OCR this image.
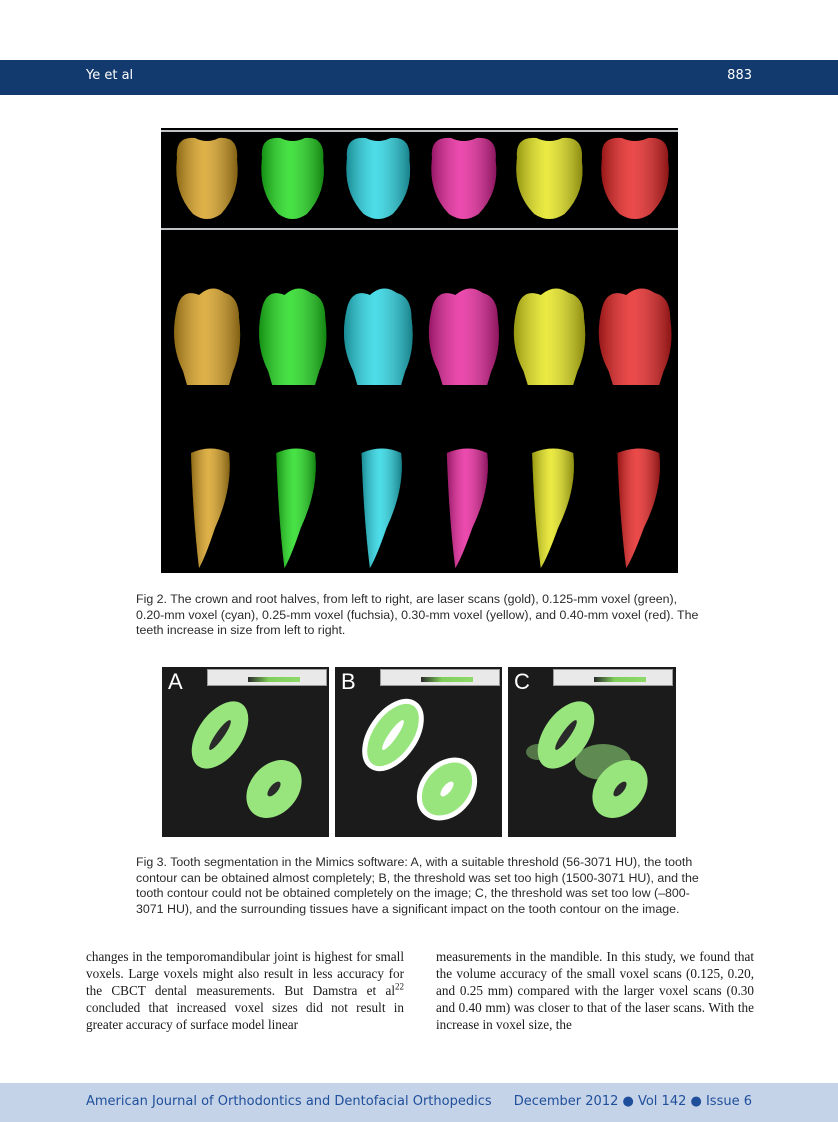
Ye et al	883
Fig 2. The crown and root halves, from left to right, are laser scans (gold), 0.125-mm voxel (green), 0.20-mm voxel (cyan), 0.25-mm voxel (fuchsia), 0.30-mm voxel (yellow), and 0.40-mm voxel (red). The teeth increase in size from left to right.
A	B	C
Fig 3. Tooth segmentation in the Mimics software: A, with a suitable threshold (56-3071 HU), the tooth contour can be obtained almost completely; B, the threshold was set too high (1500-3071 HU), and the tooth contour could not be obtained completely on the image; C, the threshold was set too low (–800-3071 HU), and the surrounding tissues have a significant impact on the tooth contour on the image.
changes in the temporomandibular joint is highest for small voxels. Large voxels might also result in less accuracy for the CBCT dental measurements. But Damstra et $al^{22}$ concluded that increased voxel sizes did not result in greater accuracy of surface model linear
measurements in the mandible. In this study, we found that the volume accuracy of the small voxel scans (0.125, 0.20, and 0.25 mm) compared with the larger voxel scans (0.30 and 0.40 mm) was closer to that of the laser scans. With the increase in voxel size, the
American Journal of Orthodontics and Dentofacial Orthopedics December 2012 ● Vol 142 ● Issue 6
